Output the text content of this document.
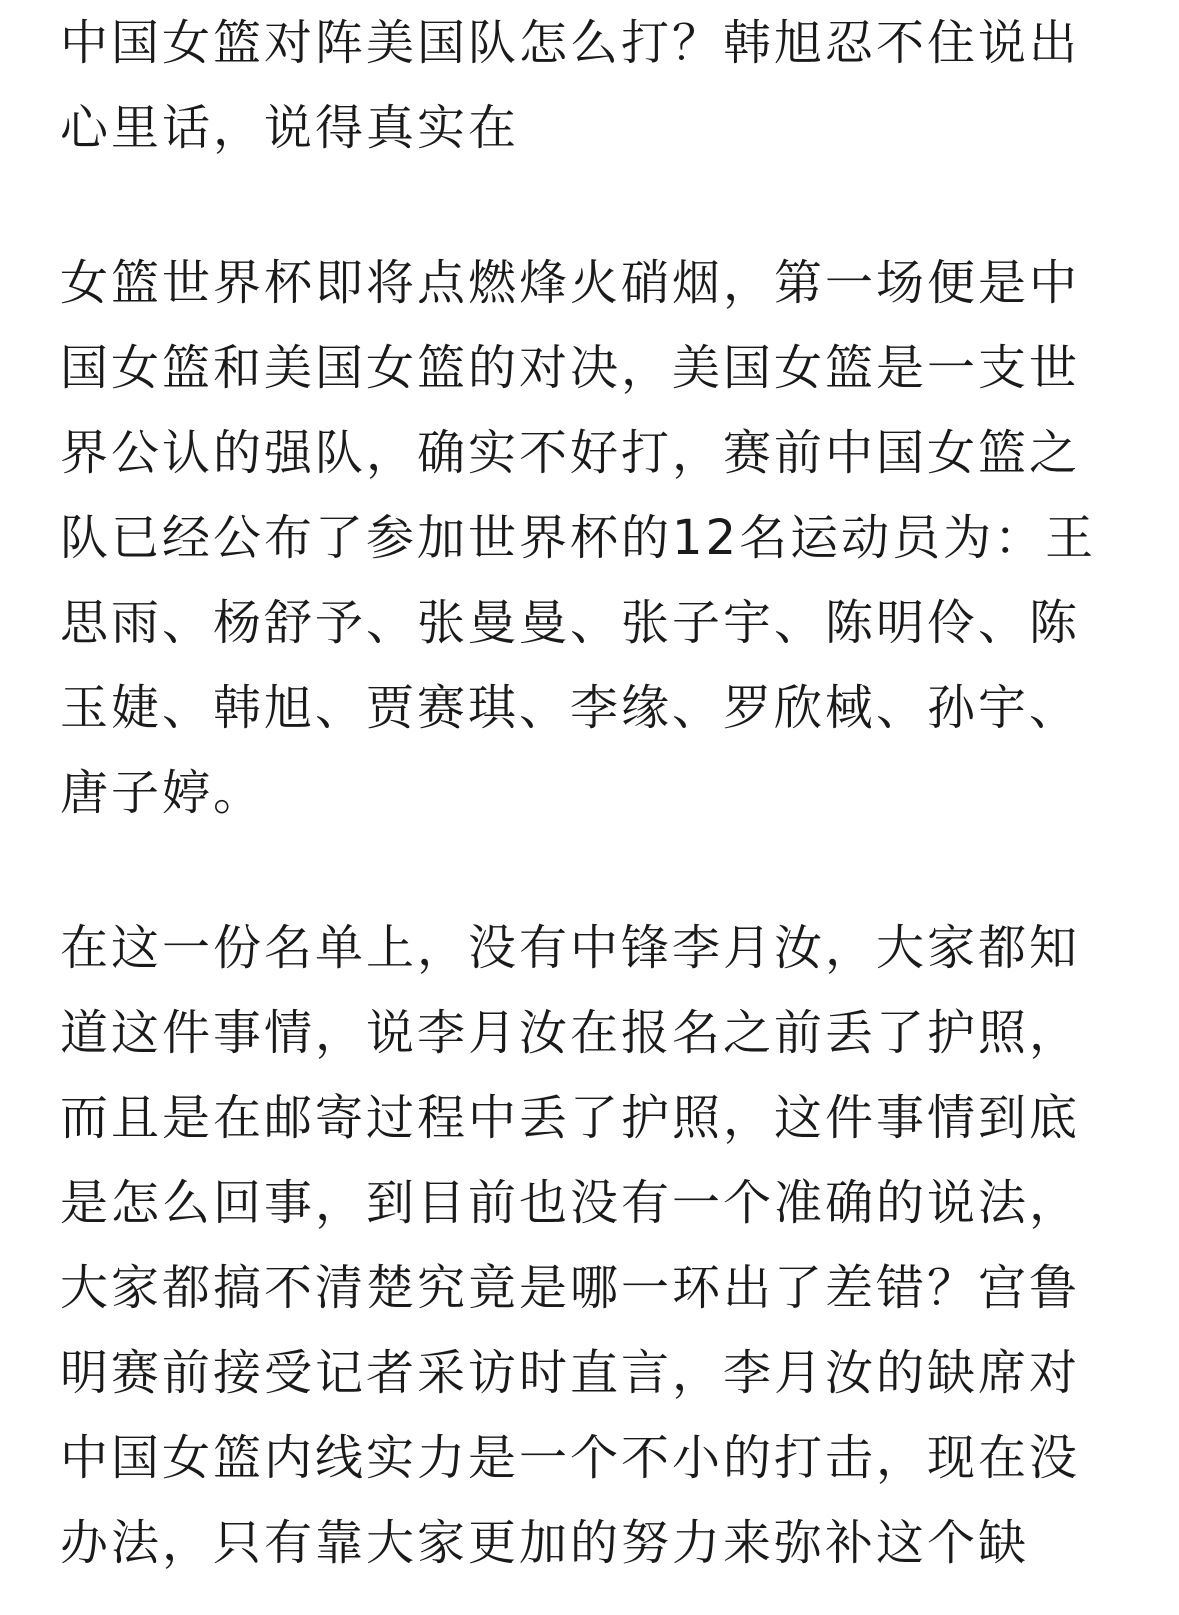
中国女篮对阵美国队怎么打？韩旭忍不住说出心里话，说得真实在

女篮世界杯即将点燃烽火硝烟，第一场便是中国女篮和美国女篮的对决，美国女篮是一支世界公认的强队，确实不好打，赛前中国女篮之队已经公布了参加世界杯的12名运动员为：王思雨、杨舒予、张曼曼、张子宇、陈明伶、陈玉婕、韩旭、贾赛琪、李缘、罗欣棫、孙宇、唐子婷。

在这一份名单上，没有中锋李月汝，大家都知道这件事情，说李月汝在报名之前丢了护照，而且是在邮寄过程中丢了护照，这件事情到底是怎么回事，到目前也没有一个准确的说法，大家都搞不清楚究竟是哪一环出了差错？宫鲁明赛前接受记者采访时直言，李月汝的缺席对中国女篮内线实力是一个不小的打击，现在没办法，只有靠大家更加的努力来弥补这个缺
